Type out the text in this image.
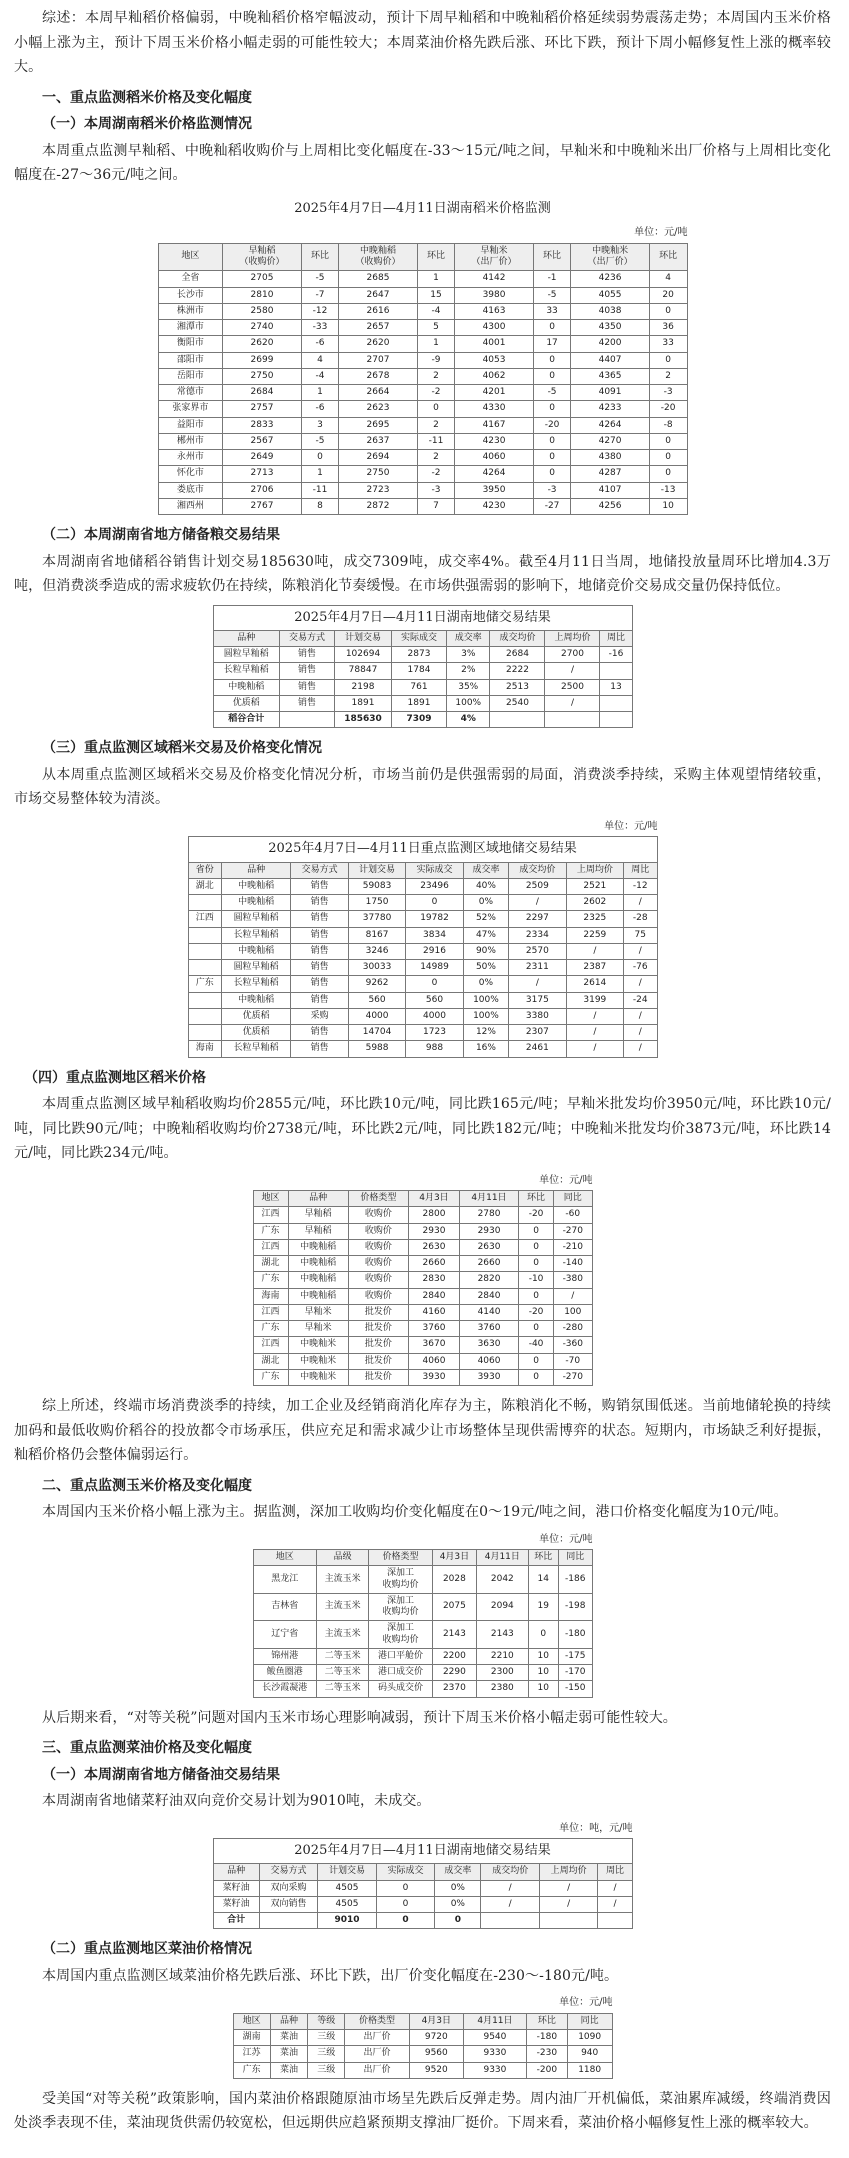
综述：本周早籼稻价格偏弱，中晚籼稻价格窄幅波动，预计下周早籼稻和中晚籼稻价格延续弱势震荡走势；本周国内玉米价格小幅上涨为主，预计下周玉米价格小幅走弱的可能性较大；本周菜油价格先跌后涨、环比下跌，预计下周小幅修复性上涨的概率较大。

一、重点监测稻米价格及变化幅度
（一）本周湖南稻米价格监测情况

本周重点监测早籼稻、中晚籼稻收购价与上周相比变化幅度在-33～15元/吨之间，早籼米和中晚籼米出厂价格与上周相比变化幅度在-27～36元/吨之间。

2025年4月7日—4月11日湖南稻米价格监测
单位：元/吨
地区	早籼稻
（收购价）	环比	中晚籼稻
（收购价）	环比	早籼米
（出厂价）	环比	中晚籼米
（出厂价）	环比
全省	2705	-5	2685	1	4142	-1	4236	4
长沙市	2810	-7	2647	15	3980	-5	4055	20
株洲市	2580	-12	2616	-4	4163	33	4038	0
湘潭市	2740	-33	2657	5	4300	0	4350	36
衡阳市	2620	-6	2620	1	4001	17	4200	33
邵阳市	2699	4	2707	-9	4053	0	4407	0
岳阳市	2750	-4	2678	2	4062	0	4365	2
常德市	2684	1	2664	-2	4201	-5	4091	-3
张家界市	2757	-6	2623	0	4330	0	4233	-20
益阳市	2833	3	2695	2	4167	-20	4264	-8
郴州市	2567	-5	2637	-11	4230	0	4270	0
永州市	2649	0	2694	2	4060	0	4380	0
怀化市	2713	1	2750	-2	4264	0	4287	0
娄底市	2706	-11	2723	-3	3950	-3	4107	-13
湘西州	2767	8	2872	7	4230	-27	4256	10
（二）本周湖南省地方储备粮交易结果

本周湖南省地储稻谷销售计划交易185630吨，成交7309吨，成交率4%。截至4月11日当周，地储投放量周环比增加4.3万吨，但消费淡季造成的需求疲软仍在持续，陈粮消化节奏缓慢。在市场供强需弱的影响下，地储竞价交易成交量仍保持低位。

2025年4月7日—4月11日湖南地储交易结果							
品种	交易方式	计划交易	实际成交	成交率	成交均价	上周均价	周比
圆粒早籼稻	销售	102694	2873	3%	2684	2700	-16
长粒早籼稻	销售	78847	1784	2%	2222	/	
中晚籼稻	销售	2198	761	35%	2513	2500	13
优质稻	销售	1891	1891	100%	2540	/	
稻谷合计		185630	7309	4%			
（三）重点监测区域稻米交易及价格变化情况

从本周重点监测区域稻米交易及价格变化情况分析，市场当前仍是供强需弱的局面，消费淡季持续，采购主体观望情绪较重，市场交易整体较为清淡。

单位：元/吨
2025年4月7日—4月11日重点监测区域地储交易结果								
省份	品种	交易方式	计划交易	实际成交	成交率	成交均价	上周均价	周比
湖北	中晚籼稻	销售	59083	23496	40%	2509	2521	-12
	中晚籼稻	销售	1750	0	0%	/	2602	/
江西	圆粒早籼稻	销售	37780	19782	52%	2297	2325	-28
	长粒早籼稻	销售	8167	3834	47%	2334	2259	75
	中晚籼稻	销售	3246	2916	90%	2570	/	/
	圆粒早籼稻	销售	30033	14989	50%	2311	2387	-76
广东	长粒早籼稻	销售	9262	0	0%	/	2614	/
	中晚籼稻	销售	560	560	100%	3175	3199	-24
	优质稻	采购	4000	4000	100%	3380	/	/
	优质稻	销售	14704	1723	12%	2307	/	/
海南	长粒早籼稻	销售	5988	988	16%	2461	/	/
（四）重点监测地区稻米价格

本周重点监测区域早籼稻收购均价2855元/吨，环比跌10元/吨，同比跌165元/吨；早籼米批发均价3950元/吨，环比跌10元/吨，同比跌90元/吨；中晚籼稻收购均价2738元/吨，环比跌2元/吨，同比跌182元/吨；中晚籼米批发均价3873元/吨，环比跌14元/吨，同比跌234元/吨。

单位：元/吨
地区	品种	价格类型	4月3日	4月11日	环比	同比
江西	早籼稻	收购价	2800	2780	-20	-60
广东	早籼稻	收购价	2930	2930	0	-270
江西	中晚籼稻	收购价	2630	2630	0	-210
湖北	中晚籼稻	收购价	2660	2660	0	-140
广东	中晚籼稻	收购价	2830	2820	-10	-380
海南	中晚籼稻	收购价	2840	2840	0	/
江西	早籼米	批发价	4160	4140	-20	100
广东	早籼米	批发价	3760	3760	0	-280
江西	中晚籼米	批发价	3670	3630	-40	-360
湖北	中晚籼米	批发价	4060	4060	0	-70
广东	中晚籼米	批发价	3930	3930	0	-270

综上所述，终端市场消费淡季的持续，加工企业及经销商消化库存为主，陈粮消化不畅，购销氛围低迷。当前地储轮换的持续加码和最低收购价稻谷的投放都令市场承压，供应充足和需求减少让市场整体呈现供需博弈的状态。短期内，市场缺乏利好提振，籼稻价格仍会整体偏弱运行。

二、重点监测玉米价格及变化幅度

本周国内玉米价格小幅上涨为主。据监测，深加工收购均价变化幅度在0～19元/吨之间，港口价格变化幅度为10元/吨。

单位：元/吨
地区	品级	价格类型	4月3日	4月11日	环比	同比
黑龙江	主流玉米	深加工
收购均价	2028	2042	14	-186
吉林省	主流玉米	深加工
收购均价	2075	2094	19	-198
辽宁省	主流玉米	深加工
收购均价	2143	2143	0	-180
锦州港	二等玉米	港口平舱价	2200	2210	10	-175
鲅鱼圈港	二等玉米	港口成交价	2290	2300	10	-170
长沙霞凝港	二等玉米	码头成交价	2370	2380	10	-150

从后期来看，“对等关税”问题对国内玉米市场心理影响减弱，预计下周玉米价格小幅走弱可能性较大。

三、重点监测菜油价格及变化幅度
（一）本周湖南省地方储备油交易结果

本周湖南省地储菜籽油双向竞价交易计划为9010吨，未成交。

单位：吨，元/吨
2025年4月7日—4月11日湖南地储交易结果							
品种	交易方式	计划交易	实际成交	成交率	成交均价	上周均价	周比
菜籽油	双向采购	4505	0	0%	/	/	/
菜籽油	双向销售	4505	0	0%	/	/	/
合计		9010	0	0			
（二）重点监测地区菜油价格情况

本周国内重点监测区域菜油价格先跌后涨、环比下跌，出厂价变化幅度在-230～-180元/吨。

单位：元/吨
地区	品种	等级	价格类型	4月3日	4月11日	环比	同比
湖南	菜油	三级	出厂价	9720	9540	-180	1090
江苏	菜油	三级	出厂价	9560	9330	-230	940
广东	菜油	三级	出厂价	9520	9330	-200	1180

受美国“对等关税”政策影响，国内菜油价格跟随原油市场呈先跌后反弹走势。周内油厂开机偏低，菜油累库减缓，终端消费因处淡季表现不佳，菜油现货供需仍较宽松，但远期供应趋紧预期支撑油厂挺价。下周来看，菜油价格小幅修复性上涨的概率较大。
